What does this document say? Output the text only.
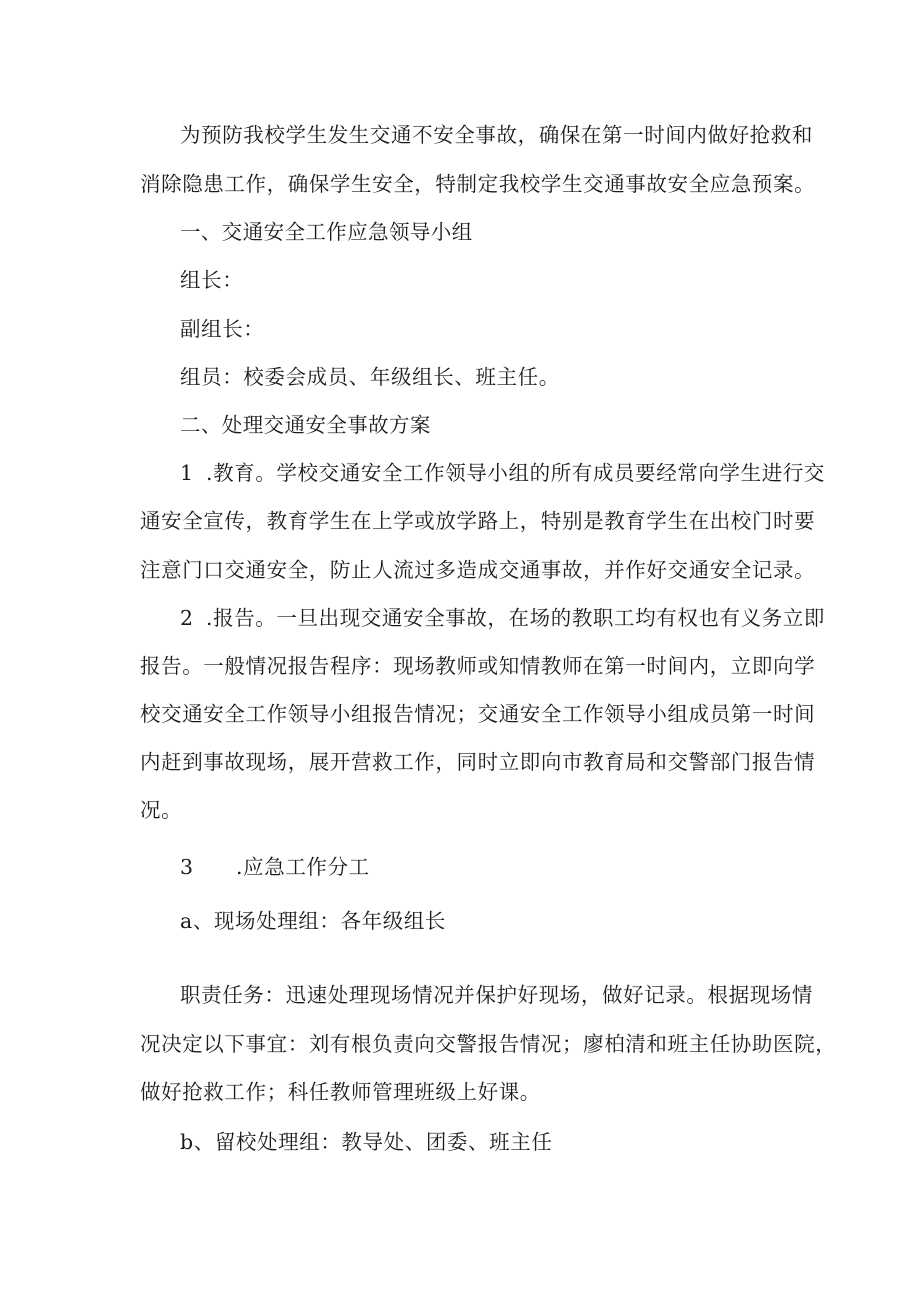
为预防我校学生发生交通不安全事故，确保在第一时间内做好抢救和
消除隐患工作，确保学生安全，特制定我校学生交通事故安全应急预案。
一、交通安全工作应急领导小组
组长：
副组长：
组员：校委会成员、年级组长、班主任。
二、处理交通安全事故方案
1 .教育。学校交通安全工作领导小组的所有成员要经常向学生进行交
通安全宣传，教育学生在上学或放学路上，特别是教育学生在出校门时要
注意门口交通安全，防止人流过多造成交通事故，并作好交通安全记录。
2 .报告。一旦出现交通安全事故，在场的教职工均有权也有义务立即
报告。一般情况报告程序：现场教师或知情教师在第一时间内，立即向学
校交通安全工作领导小组报告情况；交通安全工作领导小组成员第一时间
内赶到事故现场，展开营救工作，同时立即向市教育局和交警部门报告情
况。
3 .应急工作分工
a、现场处理组：各年级组长
职责任务：迅速处理现场情况并保护好现场，做好记录。根据现场情
况决定以下事宜：刘有根负责向交警报告情况；廖柏清和班主任协助医院，
做好抢救工作；科任教师管理班级上好课。
b、留校处理组：教导处、团委、班主任
